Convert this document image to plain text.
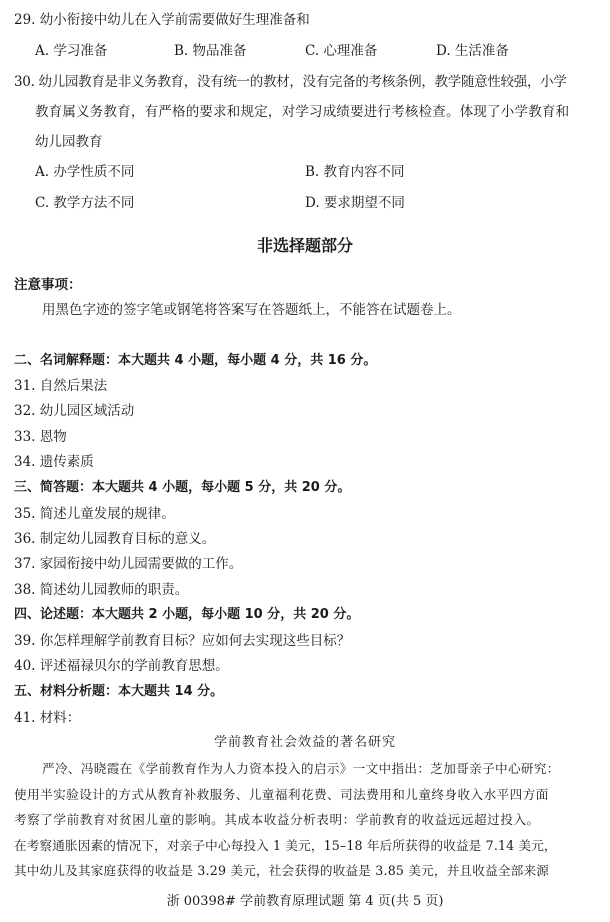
29. 幼小衔接中幼儿在入学前需要做好生理准备和
A. 学习准备	B. 物品准备	C. 心理准备	D. 生活准备
30. 幼儿园教育是非义务教育，没有统一的教材，没有完备的考核条例，教学随意性较强，小学
教育属义务教育，有严格的要求和规定，对学习成绩要进行考核检查。体现了小学教育和
幼儿园教育
A. 办学性质不同	B. 教育内容不同
C. 教学方法不同	D. 要求期望不同
非选择题部分
注意事项：
用黑色字迹的签字笔或钢笔将答案写在答题纸上，不能答在试题卷上。
二、名词解释题：本大题共 4 小题，每小题 4 分，共 16 分。
31. 自然后果法
32. 幼儿园区域活动
33. 恩物
34. 遗传素质
三、简答题：本大题共 4 小题，每小题 5 分，共 20 分。
35. 简述儿童发展的规律。
36. 制定幼儿园教育目标的意义。
37. 家园衔接中幼儿园需要做的工作。
38. 简述幼儿园教师的职责。
四、论述题：本大题共 2 小题，每小题 10 分，共 20 分。
39. 你怎样理解学前教育目标？应如何去实现这些目标？
40. 评述福禄贝尔的学前教育思想。
五、材料分析题：本大题共 14 分。
41. 材料：
学前教育社会效益的著名研究
严冷、冯晓霞在《学前教育作为人力资本投入的启示》一文中指出：芝加哥亲子中心研究：
使用半实验设计的方式从教育补救服务、儿童福利花费、司法费用和儿童终身收入水平四方面
考察了学前教育对贫困儿童的影响。其成本收益分析表明：学前教育的收益远远超过投入。
在考察通胀因素的情况下，对亲子中心每投入 1 美元，15–18 年后所获得的收益是 7.14 美元，
其中幼儿及其家庭获得的收益是 3.29 美元，社会获得的收益是 3.85 美元，并且收益全部来源
浙 00398# 学前教育原理试题 第 4 页(共 5 页)
